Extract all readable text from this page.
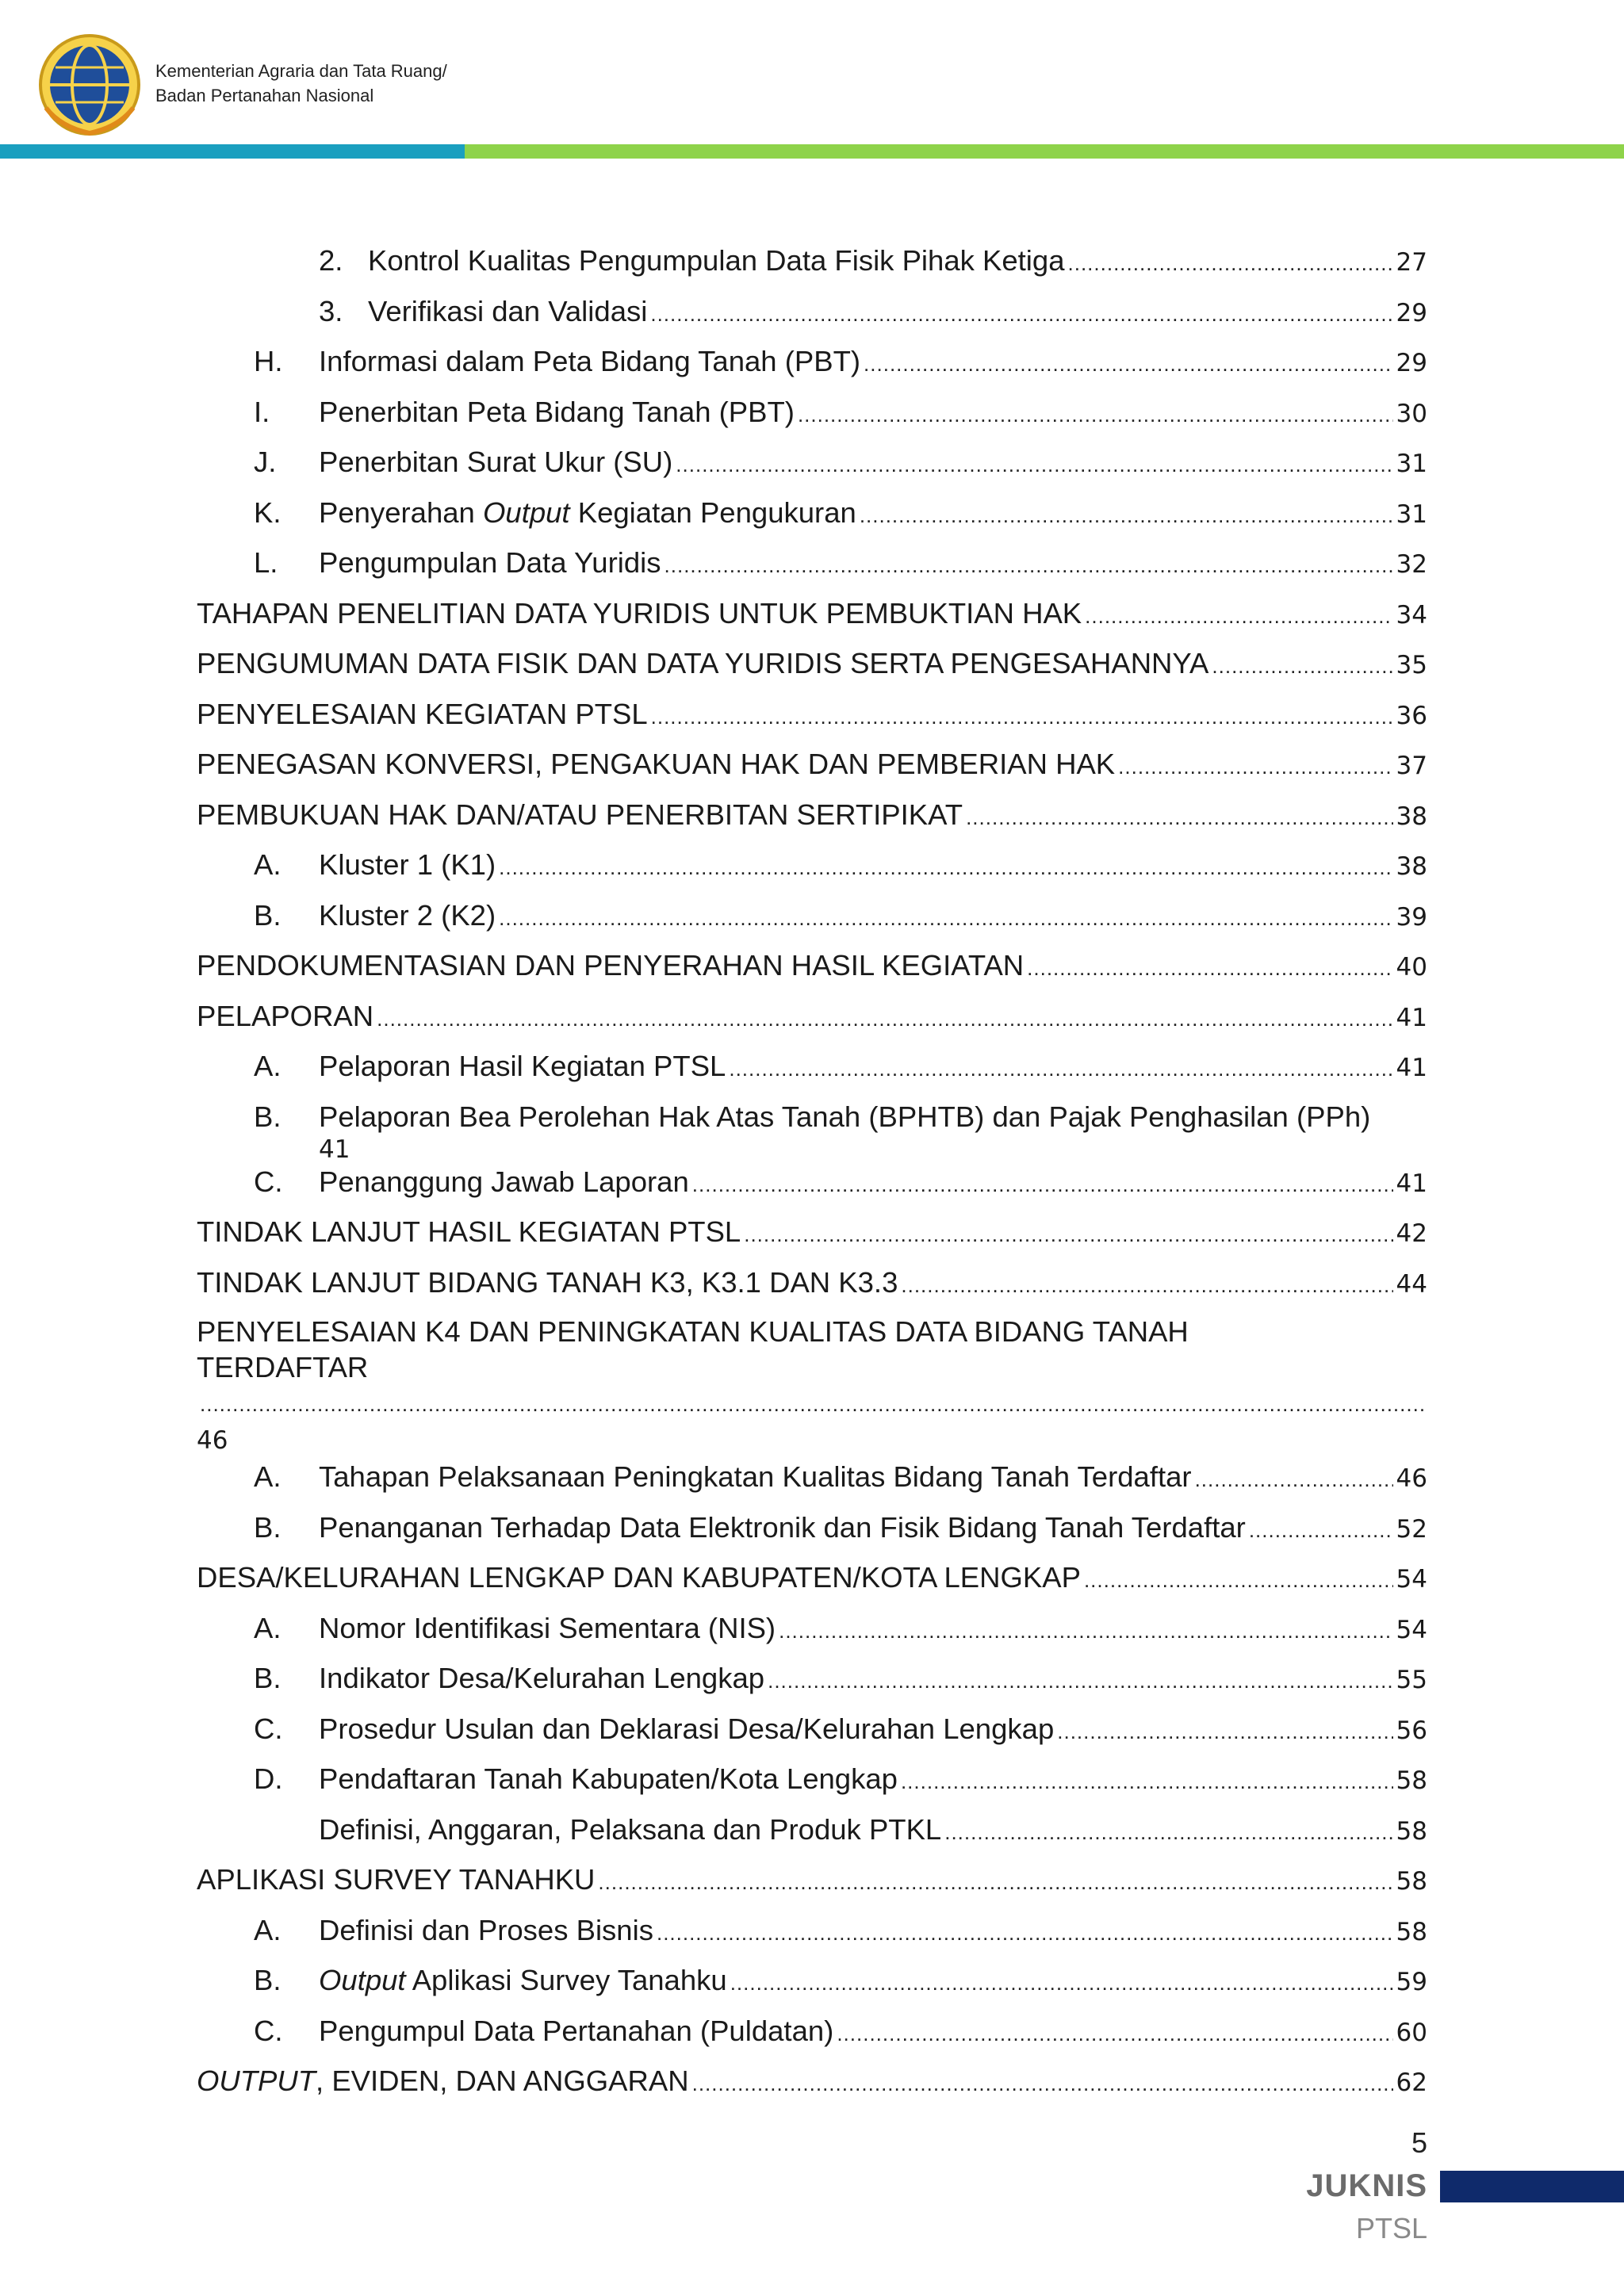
Kementerian Agraria dan Tata Ruang/
Badan Pertanahan Nasional
2. Kontrol Kualitas Pengumpulan Data Fisik Pihak Ketiga .....	27
3. Verifikasi dan Validasi .....	29
H.	Informasi dalam Peta Bidang Tanah (PBT) .....	29
I.	Penerbitan Peta Bidang Tanah (PBT) .....	30
J.	Penerbitan Surat Ukur (SU) .....	31
K.	Penyerahan Output Kegiatan Pengukuran .....	31
L.	Pengumpulan Data Yuridis .....	32
TAHAPAN PENELITIAN DATA YURIDIS UNTUK PEMBUKTIAN HAK .....	34
PENGUMUMAN DATA FISIK DAN DATA YURIDIS SERTA PENGESAHANNYA .....	35
PENYELESAIAN KEGIATAN PTSL .....	36
PENEGASAN KONVERSI, PENGAKUAN HAK DAN PEMBERIAN HAK .....	37
PEMBUKUAN HAK DAN/ATAU PENERBITAN SERTIPIKAT .....	38
A.	Kluster 1 (K1) .....	38
B.	Kluster 2 (K2) .....	39
PENDOKUMENTASIAN DAN PENYERAHAN HASIL KEGIATAN .....	40
PELAPORAN .....	41
A.	Pelaporan Hasil Kegiatan PTSL .....	41
B.	Pelaporan Bea Perolehan Hak Atas Tanah (BPHTB) dan Pajak Penghasilan (PPh)
41
C.	Penanggung Jawab Laporan .....	41
TINDAK LANJUT HASIL KEGIATAN PTSL .....	42
TINDAK LANJUT BIDANG TANAH K3, K3.1 DAN K3.3 .....	44
PENYELESAIAN K4 DAN PENINGKATAN KUALITAS DATA BIDANG TANAH
TERDAFTAR
.....
46
A.	Tahapan Pelaksanaan Peningkatan Kualitas Bidang Tanah Terdaftar .....	46
B.	Penanganan Terhadap Data Elektronik dan Fisik Bidang Tanah Terdaftar .....	52
DESA/KELURAHAN LENGKAP DAN KABUPATEN/KOTA LENGKAP .....	54
A.	Nomor Identifikasi Sementara (NIS) .....	54
B.	Indikator Desa/Kelurahan Lengkap .....	55
C.	Prosedur Usulan dan Deklarasi Desa/Kelurahan Lengkap .....	56
D.	Pendaftaran Tanah Kabupaten/Kota Lengkap .....	58
Definisi, Anggaran, Pelaksana dan Produk PTKL .....	58
APLIKASI SURVEY TANAHKU .....	58
A.	Definisi dan Proses Bisnis .....	58
B.	Output Aplikasi Survey Tanahku .....	59
C.	Pengumpul Data Pertanahan (Puldatan) .....	60
OUTPUT, EVIDEN, DAN ANGGARAN .....	62
5
JUKNIS
PTSL
